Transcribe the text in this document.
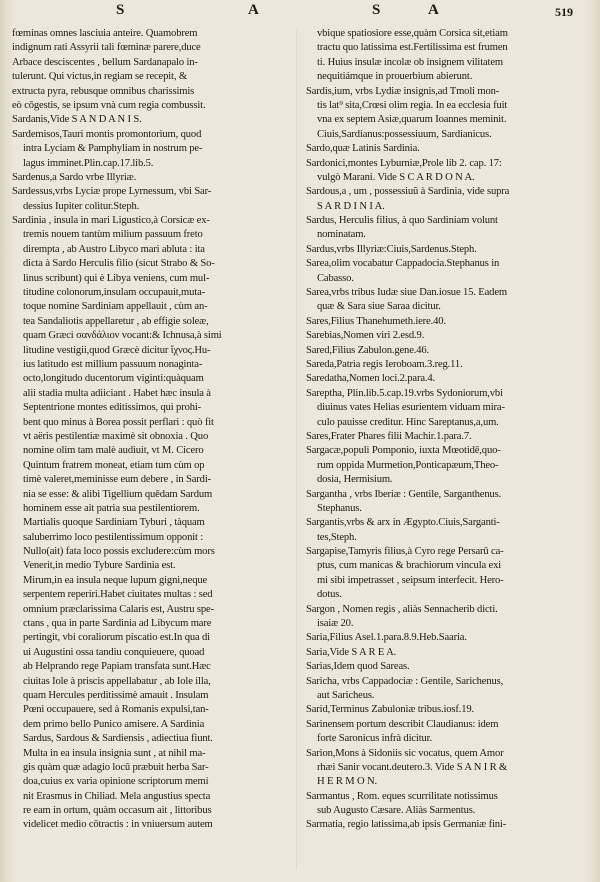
S	A	S	A	519
fœminas omnes lasciuia anteire. Quamobrem
indignum rati Assyrii tali fœminæ parere,duce
Arbace desciscentes , bellum Sardanapalo in-
tulerunt. Qui victus,in regiam se recepit, &
extructa pyra, rebusque omnibus charissimis
eò cōgestis, se ipsum vnà cum regia combussit.
Sardanis,Vide S A N D A N I S.
Sardemisos,Tauri montis promontorium, quod
intra Lyciam & Pamphyliam in nostrum pe-
lagus imminet.Plin.cap.17.lib.5.
Sardenus,a Sardo vrbe Illyriæ.
Sardessus,vrbs Lyciæ prope Lyrnessum, vbi Sar-
dessius Iupiter colitur.Steph.
Sardinia , insula in mari Ligustico,à Corsicæ ex-
tremis nouem tantùm milium passuum freto
dirempta , ab Austro Libyco mari abluta : ita
dicta à Sardo Herculis filio (sicut Strabo & So-
linus scribunt) qui è Libya veniens, cum mul-
titudine colonorum,insulam occupauit,muta-
toque nomine Sardiniam appellauit , cùm an-
tea Sandaliotis appellaretur , ab effigie soleæ,
quam Græci σανδάλιον vocant:& Ichnusa,à simi
litudine vestigii,quod Græcè dicitur ἴχνος.Hu-
ius latitudo est millium passuum nonaginta-
octo,longitudo ducentorum viginti:quàquam
alii stadia multa adiiciant . Habet hæc insula à
Septentrione montes editissimos, qui prohi-
bent quo minus à Borea possit perflari : quò fit
vt aëris pestilentiæ maximè sit obnoxia . Quo
nomine olim tam malè audiuit, vt M. Cicero
Quintum fratrem moneat, etiam tum cùm op
timè valeret,meminisse eum debere , in Sardi-
nia se esse: & alibi Tigellium quēdam Sardum
hominem esse ait patria sua pestilentiorem.
Martialis quoque Sardiniam Tyburi , tàquam
saluberrimo loco pestilentissimum opponit :
Nullo(ait) fata loco possis excludere:cùm mors
Venerit,in medio Tybure Sardinia est.
Mirum,in ea insula neque lupum gigni,neque
serpentem reperiri.Habet ciuitates multas : sed
omnium præclarissima Calaris est, Austru spe-
ctans , qua in parte Sardinia ad Libycum mare
pertingit, vbi coraliorum piscatio est.In qua di
ui Augustini ossa tandiu conquieuere, quoad
ab Helprando rege Papiam transfata sunt.Hæc
ciuitas Iole à priscis appellabatur , ab Iole illa,
quam Hercules perditissimè amauit . Insulam
Pœni occupauere, sed à Romanis expulsi,tan-
dem primo bello Punico amisere. A Sardinia
Sardus, Sardous & Sardiensis , adiectiua fiunt.
Multa in ea insula insignia sunt , at nihil ma-
gis quàm quæ adagio locū præbuit herba Sar-
doa,cuius ex varia opinione scriptorum memi
nit Erasmus in Chiliad. Mela angustius specta
re eam in ortum, quàm occasum ait , littoribus
videlicet medio cōtractis : in vniuersum autem
vbique spatiosiore esse,quàm Corsica sit,etiam
tractu quo latissima est.Fertilissima est frumen
ti. Huius insulæ incolæ ob insignem vilitatem
nequitiámque in prouerbium abierunt.
Sardis,ium, vrbs Lydiæ insignis,ad Tmoli mon-
tis lat⁹ sita,Crœsi olim regia. In ea ecclesia fuit
vna ex septem Asiæ,quarum Ioannes meminit.
Ciuis,Sardianus:possessiuum, Sardianicus.
Sardo,quæ Latinis Sardinia.
Sardonici,montes Lyburniæ,Prole lib 2. cap. 17:
vulgò Marani. Vide S C A R D O N A.
Sardous,a , um , possessiuũ à Sardinia, vide supra
S A R D I N I A.
Sardus, Herculis filius, à quo Sardiniam volunt
nominatam.
Sardus,vrbs Illyriæ:Ciuis,Sardenus.Steph.
Sarea,olim vocabatur Cappadocia.Stephanus in
Cabasso.
Sarea,vrbs tribus Iudæ siue Dan.iosue 15. Eadem
quæ & Sara siue Saraa dicitur.
Sares,Filius Thanehumeth.iere.40.
Sarebias,Nomen viri 2.esd.9.
Sared,Filius Zabulon.gene.46.
Sareda,Patria regis Ieroboam.3.reg.11.
Saredatha,Nomen loci.2.para.4.
Sareptha, Plin.lib.5.cap.19.vrbs Sydoniorum,vbi
diuinus vates Helias esurientem viduam mira-
culo pauisse creditur. Hinc Sareptanus,a,um.
Sares,Frater Phares filii Machir.1.para.7.
Sargacæ,populi Pomponio, iuxta Mœotidē,quo-
rum oppida Murmetion,Ponticapæum,Theo-
dosia, Hermisium.
Sargantha , vrbs Iberiæ : Gentile, Sarganthenus.
Stephanus.
Sargantis,vrbs & arx in Ægypto.Ciuis,Sarganti-
tes,Steph.
Sargapise,Tamyris filius,à Cyro rege Persarū ca-
ptus, cum manicas & brachiorum vincula exi
mi sibi impetrasset , seipsum interfecit. Hero-
dotus.
Sargon , Nomen regis , aliàs Sennacherib dicti.
isaiæ 20.
Saria,Filius Asel.1.para.8.9.Heb.Saaria.
Saria,Vide S A R E A.
Sarias,Idem quod Sareas.
Saricha, vrbs Cappadociæ : Gentile, Sarichenus,
aut Saricheus.
Sarid,Terminus Zabuloniæ tribus.iosf.19.
Sarinensem portum describit Claudianus: idem
forte Saronicus infrà dicitur.
Sarion,Mons à Sidoniis sic vocatus, quem Amor
rhæi Sanir vocant.deutero.3. Vide S A N I R &
H E R M O N.
Sarmantus , Rom. eques scurrilitate notissimus
sub Augusto Cæsare. Aliàs Sarmentus.
Sarmatia, regio latissima,ab ipsis Germaniæ fini-
